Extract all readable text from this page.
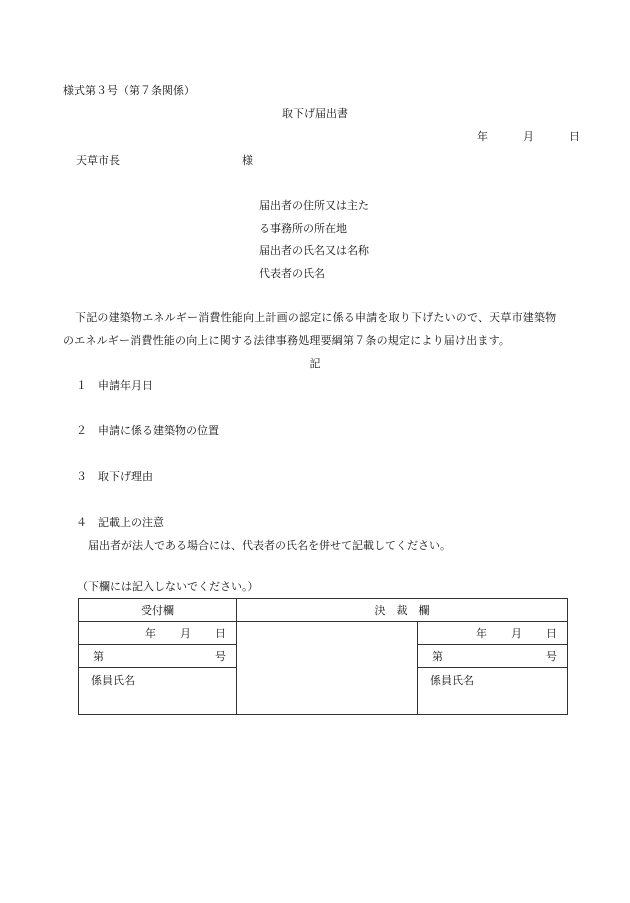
様式第３号（第７条関係）
取下げ届出書
年	月	日
天草市長	様
届出者の住所又は主た
る事務所の所在地
届出者の氏名又は名称
代表者の氏名
下記の建築物エネルギー消費性能向上計画の認定に係る申請を取り下げたいので、天草市建築物のエネルギー消費性能の向上に関する法律事務処理要綱第７条の規定により届け出ます。
記
１ 申請年月日
２ 申請に係る建築物の位置
３ 取下げ理由
４ 記載上の注意
届出者が法人である場合には、代表者の氏名を併せて記載してください。
（下欄には記入しないでください。）
受付欄	決　裁　欄	

年 月 日		年 月 日

第 号		第 号

係員氏名		係員氏名
